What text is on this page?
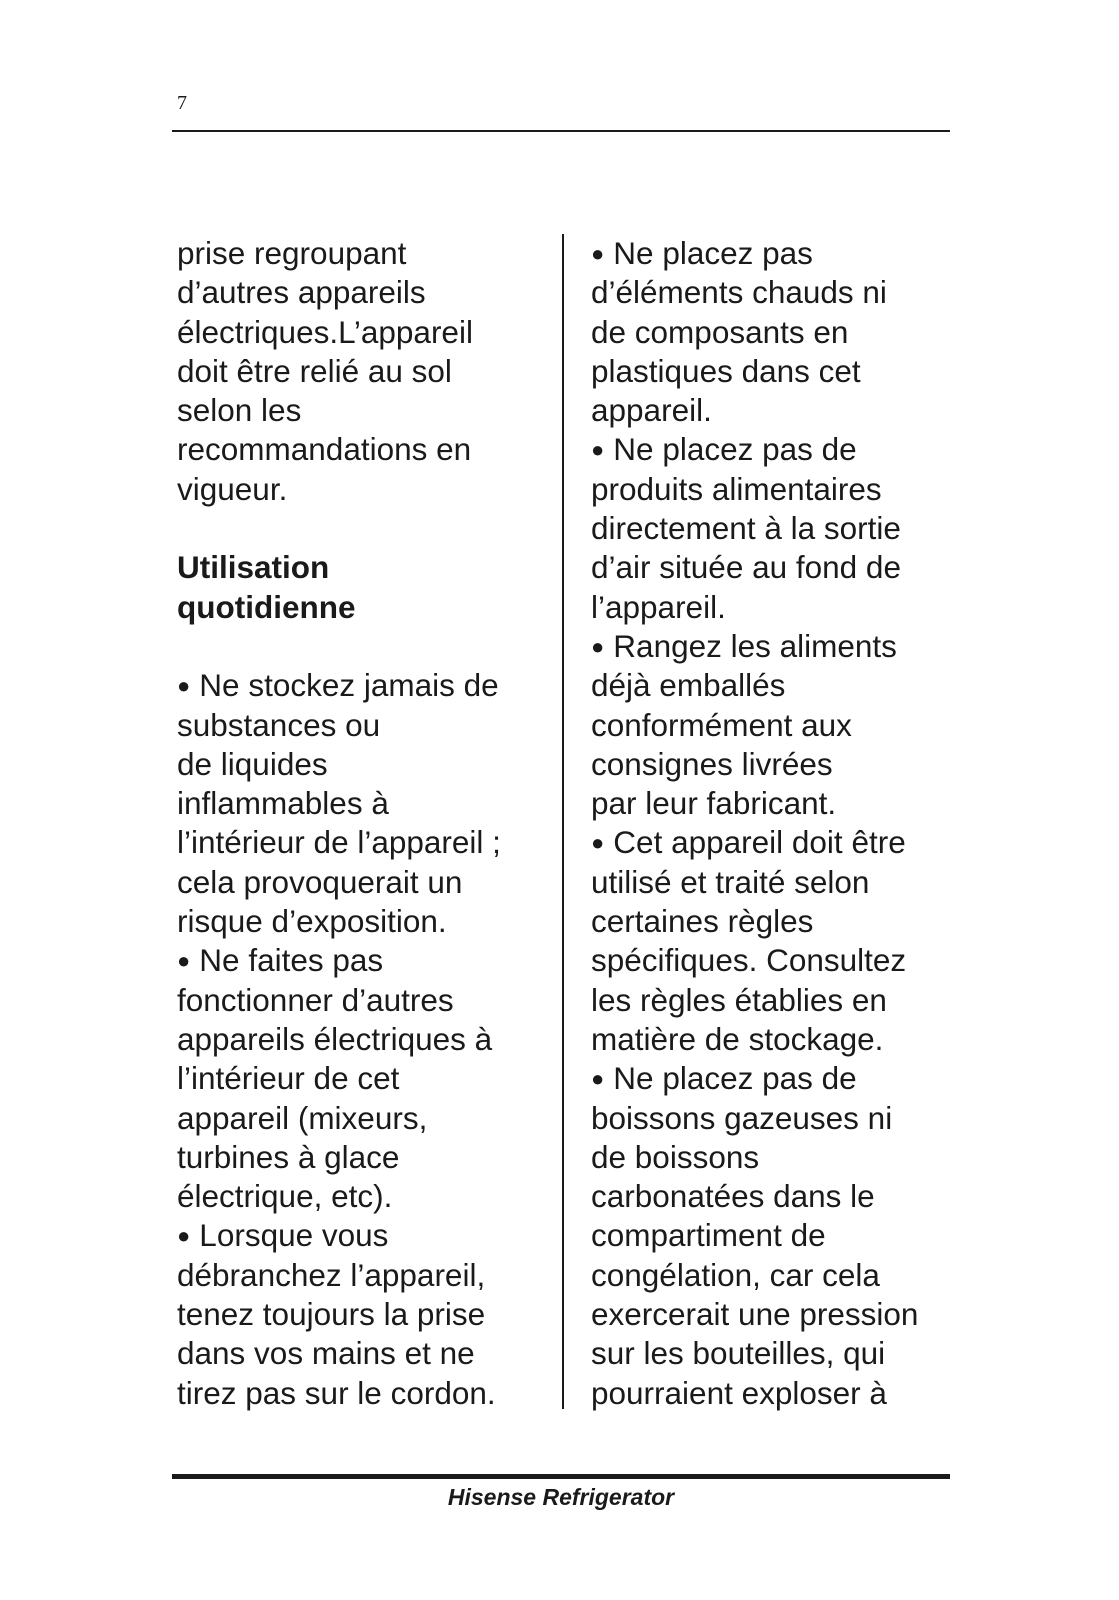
7
prise regroupant
d’autres appareils
électriques.L’appareil
doit être relié au sol
selon les
recommandations en
vigueur.
Utilisation
quotidienne
● Ne stockez jamais de
substances ou
de liquides
inflammables à
l’intérieur de l’appareil ;
cela provoquerait un
risque d’exposition.
● Ne faites pas
fonctionner d’autres
appareils électriques à
l’intérieur de cet
appareil (mixeurs,
turbines à glace
électrique, etc).
● Lorsque vous
débranchez l’appareil,
tenez toujours la prise
dans vos mains et ne
tirez pas sur le cordon.
● Ne placez pas
d’éléments chauds ni
de composants en
plastiques dans cet
appareil.
● Ne placez pas de
produits alimentaires
directement à la sortie
d’air située au fond de
l’appareil.
● Rangez les aliments
déjà emballés
conformément aux
consignes livrées
par leur fabricant.
● Cet appareil doit être
utilisé et traité selon
certaines règles
spécifiques. Consultez
les règles établies en
matière de stockage.
● Ne placez pas de
boissons gazeuses ni
de boissons
carbonatées dans le
compartiment de
congélation, car cela
exercerait une pression
sur les bouteilles, qui
pourraient exploser à
Hisense Refrigerator
